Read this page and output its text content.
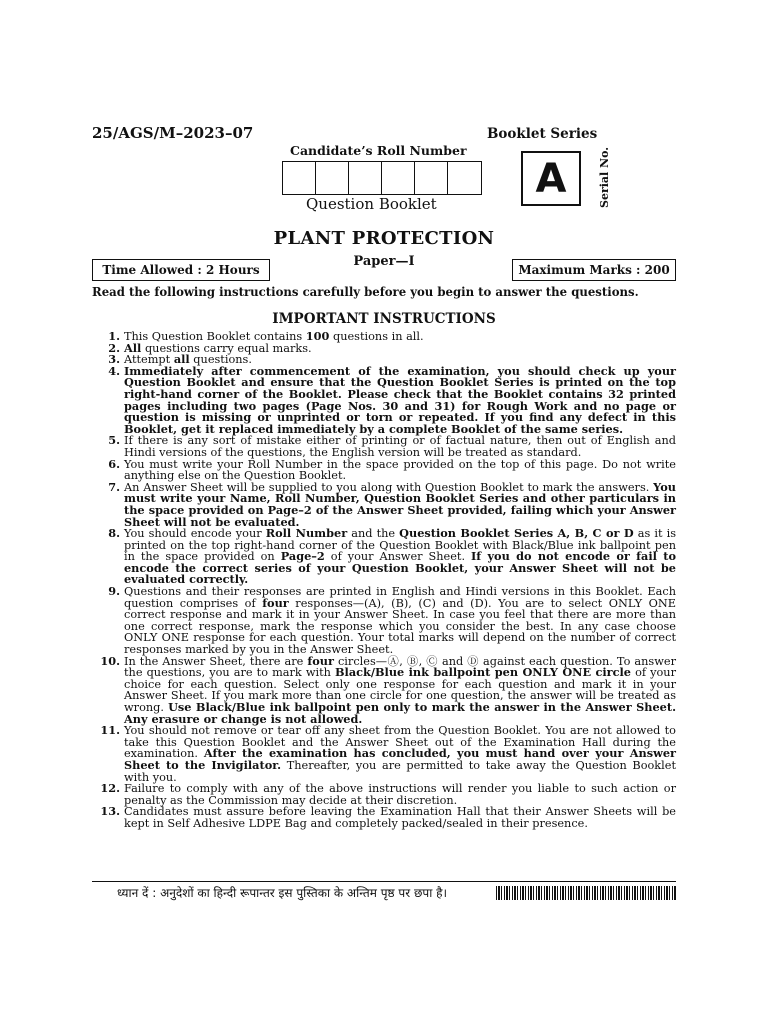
25/AGS/M–2023–07	Booklet Series
Candidate’s Roll Number
Question Booklet
A	Serial No.
PLANT PROTECTION
Paper—I
Time Allowed : 2 Hours	Maximum Marks : 200
Read the following instructions carefully before you begin to answer the questions.
IMPORTANT INSTRUCTIONS
1. This Question Booklet contains 100 questions in all.
2. All questions carry equal marks.
3. Attempt all questions.
4. Immediately after commencement of the examination, you should check up your Question Booklet and ensure that the Question Booklet Series is printed on the top right-hand corner of the Booklet. Please check that the Booklet contains 32 printed pages including two pages (Page Nos. 30 and 31) for Rough Work and no page or question is missing or unprinted or torn or repeated. If you find any defect in this Booklet, get it replaced immediately by a complete Booklet of the same series.
5. If there is any sort of mistake either of printing or of factual nature, then out of English and Hindi versions of the questions, the English version will be treated as standard.
6. You must write your Roll Number in the space provided on the top of this page. Do not write anything else on the Question Booklet.
7. An Answer Sheet will be supplied to you along with Question Booklet to mark the answers. You must write your Name, Roll Number, Question Booklet Series and other particulars in the space provided on Page–2 of the Answer Sheet provided, failing which your Answer Sheet will not be evaluated.
8. You should encode your Roll Number and the Question Booklet Series A, B, C or D as it is printed on the top right-hand corner of the Question Booklet with Black/Blue ink ballpoint pen in the space provided on Page–2 of your Answer Sheet. If you do not encode or fail to encode the correct series of your Question Booklet, your Answer Sheet will not be evaluated correctly.
9. Questions and their responses are printed in English and Hindi versions in this Booklet. Each question comprises of four responses—(A), (B), (C) and (D). You are to select ONLY ONE correct response and mark it in your Answer Sheet. In case you feel that there are more than one correct response, mark the response which you consider the best. In any case choose ONLY ONE response for each question. Your total marks will depend on the number of correct responses marked by you in the Answer Sheet.
10. In the Answer Sheet, there are four circles—Ⓐ, Ⓑ, Ⓒ and Ⓓ against each question. To answer the questions, you are to mark with Black/Blue ink ballpoint pen ONLY ONE circle of your choice for each question. Select only one response for each question and mark it in your Answer Sheet. If you mark more than one circle for one question, the answer will be treated as wrong. Use Black/Blue ink ballpoint pen only to mark the answer in the Answer Sheet. Any erasure or change is not allowed.
11. You should not remove or tear off any sheet from the Question Booklet. You are not allowed to take this Question Booklet and the Answer Sheet out of the Examination Hall during the examination. After the examination has concluded, you must hand over your Answer Sheet to the Invigilator. Thereafter, you are permitted to take away the Question Booklet with you.
12. Failure to comply with any of the above instructions will render you liable to such action or penalty as the Commission may decide at their discretion.
13. Candidates must assure before leaving the Examination Hall that their Answer Sheets will be kept in Self Adhesive LDPE Bag and completely packed/sealed in their presence.
ध्यान दें : अनुदेशों का हिन्दी रूपान्तर इस पुस्तिका के अन्तिम पृष्ठ पर छपा है।
